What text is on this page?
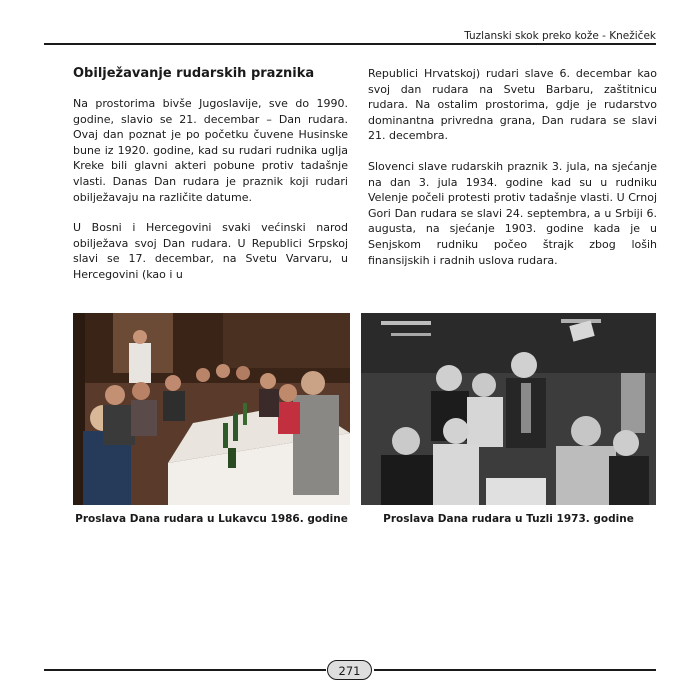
Tuzlanski skok preko kože - Knežiček
Obilježavanje rudarskih praznika

Na prostorima bivše Jugoslavije, sve do 1990. godine, slavio se 21. decembar – Dan rudara. Ovaj dan poznat je po početku čuvene Husinske bune iz 1920. godine, kad su rudari rudnika uglja Kreke bili glavni akteri pobune protiv tadašnje vlasti. Danas Dan rudara je praznik koji rudari obilježavaju na različite datume.

U Bosni i Hercegovini svaki većinski narod obilježava svoj Dan rudara. U Republici Srpskoj slavi se 17. decembar, na Svetu Varvaru, u Hercegovini (kao i u

Republici Hrvatskoj) rudari slave 6. decembar kao svoj dan rudara na Svetu Barbaru, zaštitnicu rudara. Na ostalim prostorima, gdje je rudarstvo dominantna privredna grana, Dan rudara se slavi 21. decembra.

Slovenci slave rudarskih praznik 3. jula, na sjećanje na dan 3. jula 1934. godine kad su u rudniku Velenje počeli protesti protiv tadašnje vlasti. U Crnoj Gori Dan rudara se slavi 24. septembra, a u Srbiji 6. augusta, na sjećanje 1903. godine kada je u Senjskom rudniku počeo štrajk zbog loših finansijskih i radnih uslova rudara.

Proslava Dana rudara u Lukavcu 1986. godine	Proslava Dana rudara u Tuzli 1973. godine
271
